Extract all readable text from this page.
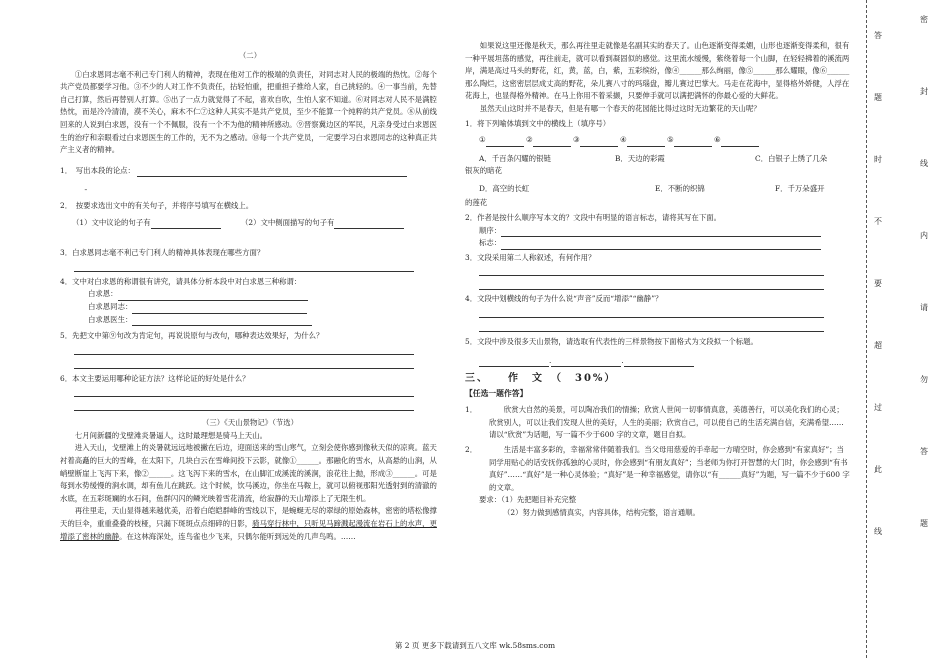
（二）

①白求恩同志毫不利己专门利人的精神，表现在他对工作的极端的负责任，对同志对人民的极端的热忱。②每个共产党员都要学习他。③不少的人对工作不负责任，拈轻怕重，把重担子推给人家，自己挑轻的。④一事当前，先替自己打算，然后再替别人打算。⑤出了一点力就觉得了不起，喜欢自吹，生怕人家不知道。⑥对同志对人民不是满腔热忱，而是冷冷清清，漠不关心，麻木不仁⑦这种人其实不是共产党员，至少不能算一个纯粹的共产党员。⑧从前线回来的人说到白求恩，没有一个不佩服，没有一个不为他的精神所感动。⑨晋察冀边区的军民，凡亲身受过白求恩医生的治疗和亲眼看过白求恩医生的工作的，无不为之感动。⑩每一个共产党员，一定要学习白求恩同志的这种真正共产主义者的精神。

1．　写出本段的论点：
ˍ
2．　按要求选出文中的有关句子，并将序号填写在横线上。
（1）文中议论的句子有	（2）文中侧面描写的句子有
3．白求恩同志毫不利己专门利人的精神具体表现在哪些方面？
4．文中对白求恩的称谓很有讲究，请具体分析本段中对白求恩三种称谓：
白求恩：
白求恩同志：
白求恩医生：
5．先把文中第⑨句改为肯定句，再说说原句与改句，哪种表达效果好，为什么？
6．本文主要运用哪种论证方法？这样论证的好处是什么？
（三）《天山景物记》（节选）

七月间新疆的戈壁滩炎暑逼人，这时最理想是骑马上天山。

进入天山，戈壁滩上的炎暑就远远地被撇在后边，迎面送来的雪山寒气，立刻会使你感到像秋天似的凉爽。蓝天衬着高矗的巨大的雪峰，在太阳下，几块白云在雪峰间投下云影，就像①______。那融化的雪水，从高悬的山涧，从峭壁断崖上飞泻下来，像②______。这飞泻下来的雪水，在山脚汇成溪流的溪涧，浪花往上抛，形成③______。可是每到水势缓慢的涧水调，却有鱼儿在跳跃。这个时候，饮马溪边，你坐在马鞍上，就可以俯视那阳光透射到的清澈的水底，在五彩斑斓的水石间，鱼群闪闪的鳞光映着雪花清流，给寂静的天山增添上了无限生机。

再往里走，天山显得越来越优美，沿着白皑皑群峰的雪线以下，是蜿蜒无尽的翠绿的原始森林，密密的塔松像撑天的巨伞，重重叠叠的枝桠，只漏下斑斑点点细碎的日影，骑马穿行林中，只听见马蹄溅起漫流在岩石上的水声，更增添了密林的幽静。在这林海深处，连鸟雀也少飞来，只偶尔能听到远处的几声鸟鸣。……

如果说这里还像是秋天，那么再往里走就像是名副其实的春天了。山色逐渐变得柔媚，山形也逐渐变得柔和，很有一种平展坦荡的感觉，再往前走，就可以看到凝固似的感觉。这里流水缓慢，紫绕着每一个山脚，在轻轻拂着的溪流两岸，满是高过马头的野花，红，黄，蓝，白，紫，五彩缤纷，像④______那么绚丽，像⑤______那么耀眼，像⑥______那么陶烂，这密密层层成丈高的野花，朵儿赛八寸的玛瑙盘，瓣儿赛过巴掌大。马走在花海中，显得格外娇健，人浮在花海上，也显得格外精神。在马上你用不着采撷，只要伸手就可以满把满怀的你最心爱的大鲜花。

虽然天山这时并不是春天，但是有哪一个春天的花园能比得过这时无边繁花的天山呢？

1．将下列喻体填到文中的横线上（填序号）
①	②	③	④	⑤	⑥
A．千百条闪耀的银链	B．天边的彩霞	C．白银子上绣了几朵
银灰的暗花
D．高空的长虹	E．不断的织锦	F．千万朵盛开
的莲花
2．作者是按什么顺序写本文的？文段中有明显的语言标志，请将其写在下面。
顺序：
标志：
3．文段采用第二人称叙述，有何作用？
4．文段中划横线的句子为什么说“声音”反而“增添”“幽静”？
5．文段中涉及很多天山景物，请选取有代表性的三样景物按下面格式为文段拟一个标题。
.	.
三、　　作　文　（　30%）
【任选一题作答】
1．	欣赏大自然的美景，可以陶冶我们的情操；欣赏人世间一切事情真意，美德善行，可以美化我们的心灵；欣赏别人，可以让我们发现人世的美好，人生的美丽；欣赏自己，可以使自己的生活充满自信，充满希望……请以“欣赏”为话题，写一篇不少于600 字的文章，题目自拟。
2．	生活是丰富多彩的，幸福常常伴随着我们。当父母用慈爱的手牵起一方晴空时，你会感到“有家真好”；当同学用贴心的话安抚你孤独的心灵时，你会感到“有朋友真好”；当老师为你打开智慧的大门时，你会感到“有书真好”……“真好”是一种心灵体验；“真好”是一种幸福感觉，请你以“有______真好”为题，写一篇不少于600 字的文章。
要求：（1）先把题目补充完整
（2）努力做到感情真实，内容具体，结构完整，语言通顺。
第 2 页 更多下载请到五八文库 wk.58sms.com
答
题
时
不
要
超
过
此
线
密
封
线
内
请
勿
答
题
